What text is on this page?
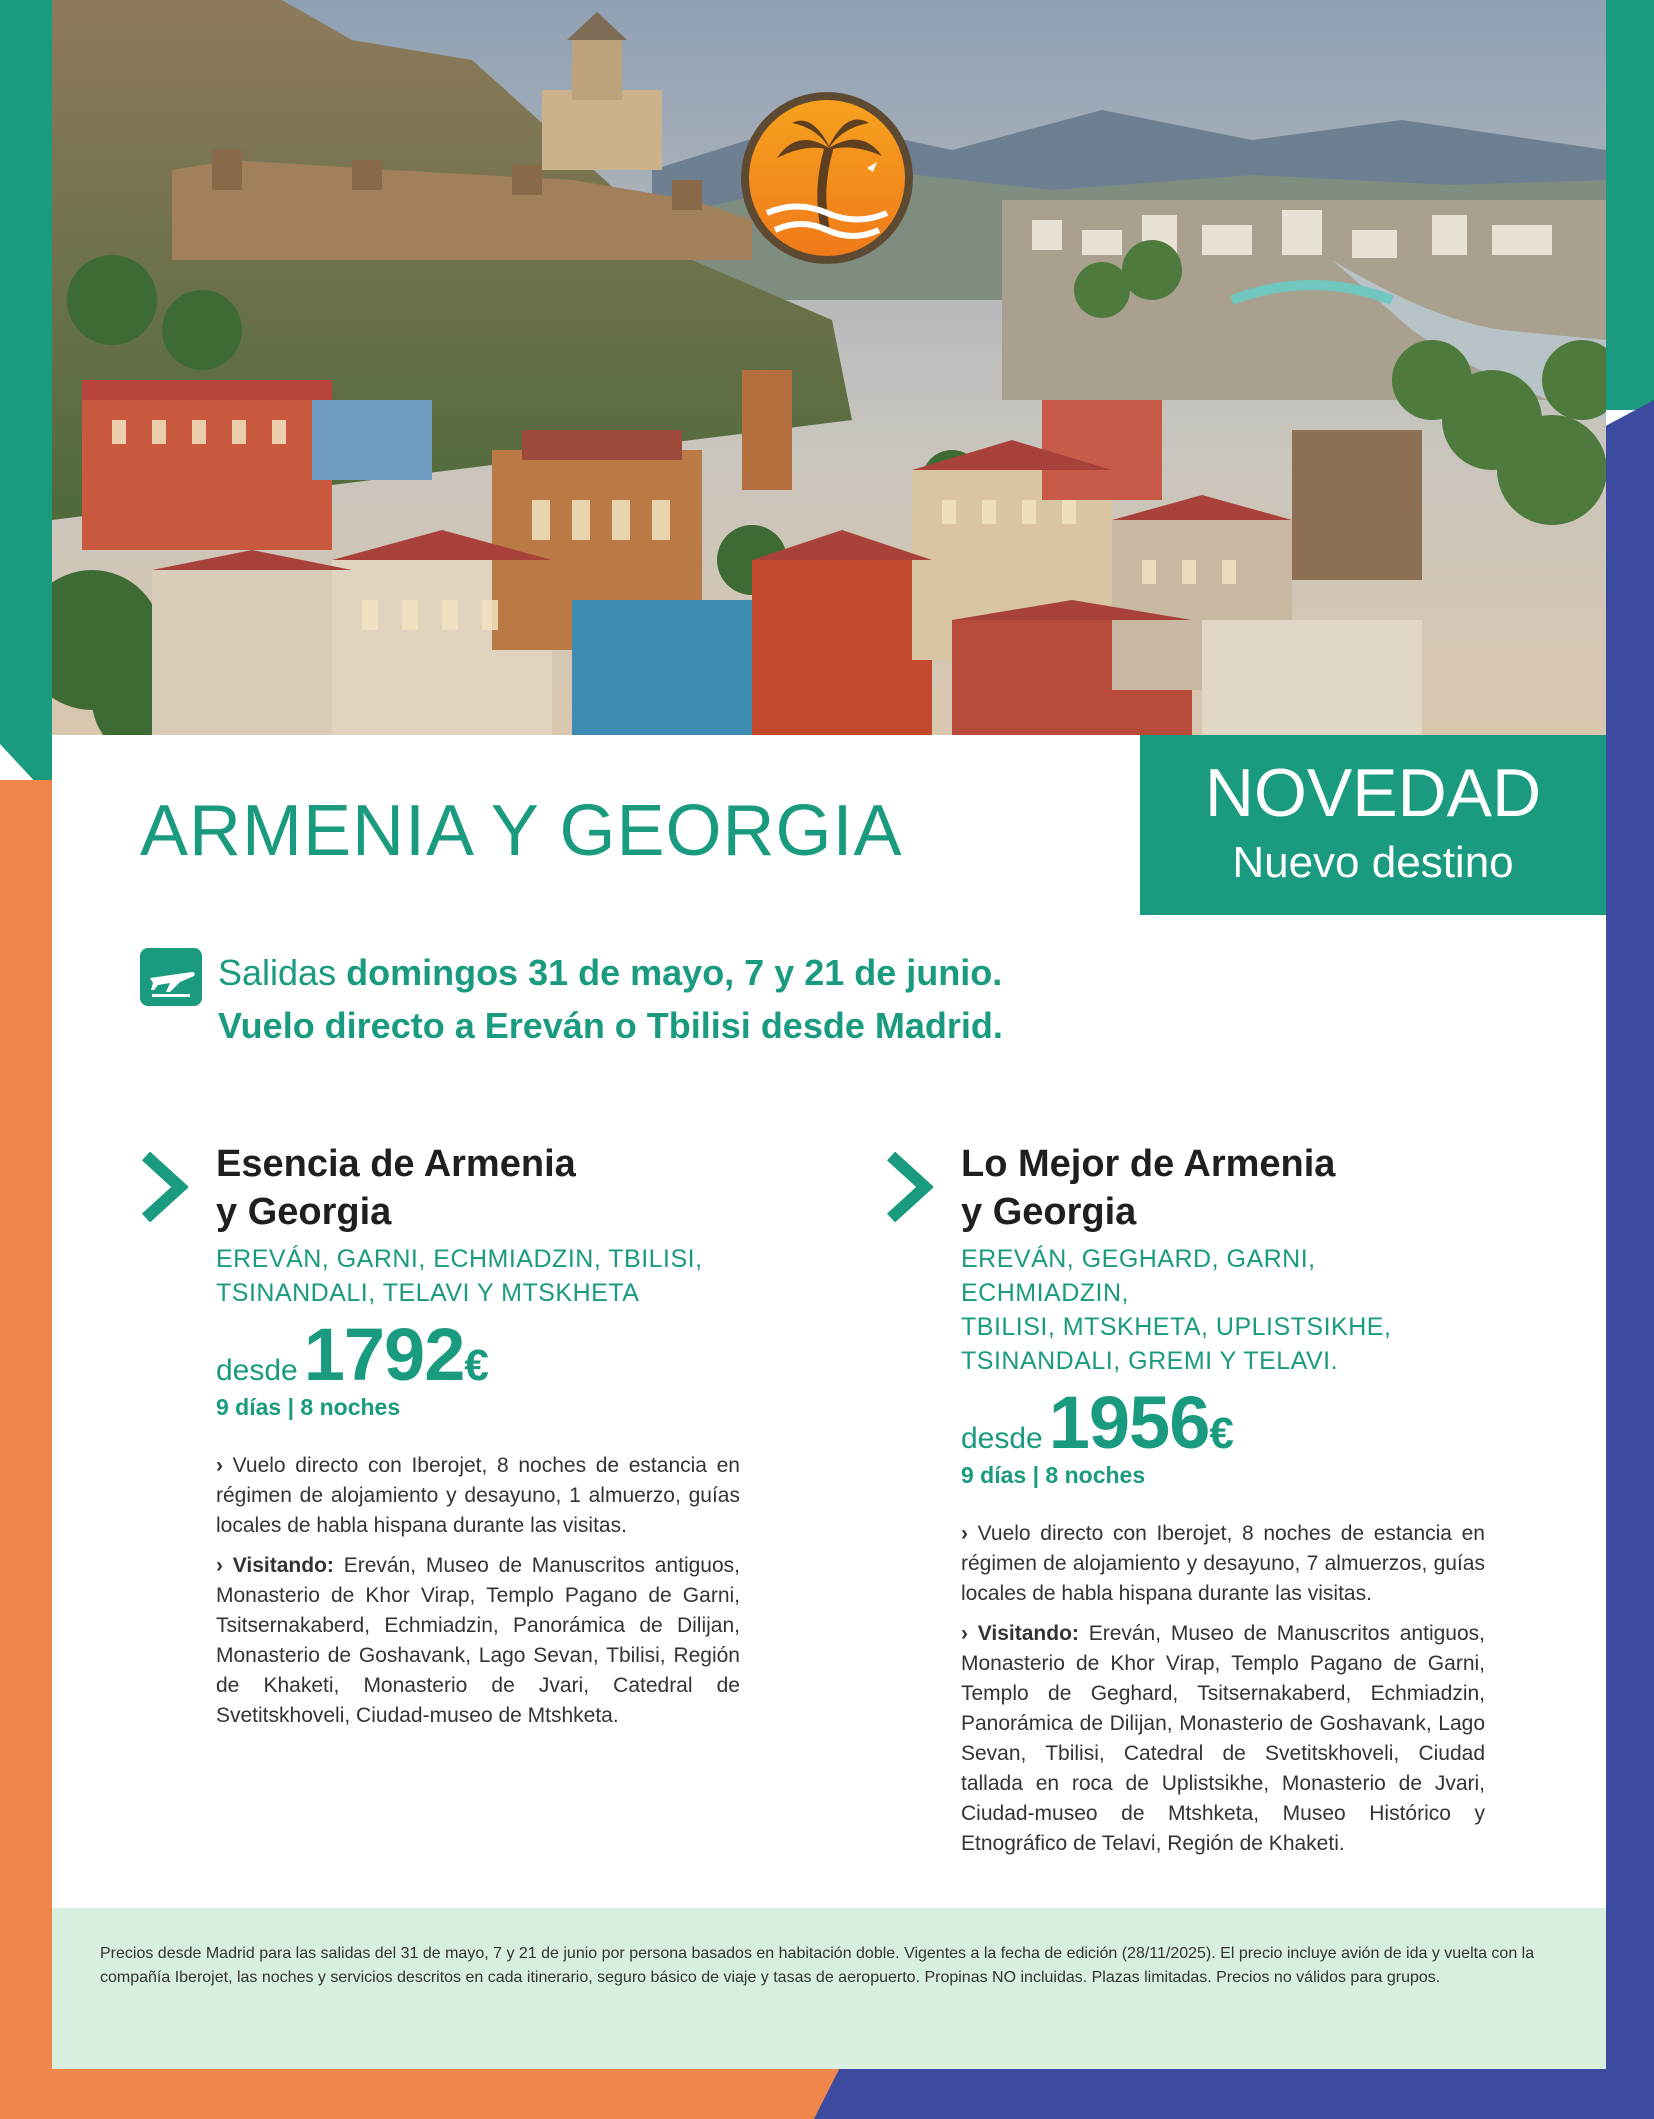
ARMENIA Y GEORGIA	NOVEDAD
Nuevo destino
Salidas domingos 31 de mayo, 7 y 21 de junio.
Vuelo directo a Ereván o Tbilisi desde Madrid.
Esencia de Armenia
y Georgia
EREVÁN, GARNI, ECHMIADZIN, TBILISI,
TSINANDALI, TELAVI Y MTSKHETA
desde1792€
9 días | 8 noches

› Vuelo directo con Iberojet, 8 noches de estancia en régimen de alojamiento y desayuno, 1 almuerzo, guías locales de habla hispana durante las visitas.

› Visitando: Ereván, Museo de Manuscritos antiguos, Monasterio de Khor Virap, Templo Pagano de Garni, Tsitsernakaberd, Echmiadzin, Panorámica de Dilijan, Monasterio de Goshavank, Lago Sevan, Tbilisi, Región de Khaketi, Monasterio de Jvari, Catedral de Svetitskhoveli, Ciudad-museo de Mtshketa.

Lo Mejor de Armenia
y Georgia
EREVÁN, GEGHARD, GARNI, ECHMIADZIN,
TBILISI, MTSKHETA, UPLISTSIKHE,
TSINANDALI, GREMI Y TELAVI.
desde1956€
9 días | 8 noches

› Vuelo directo con Iberojet, 8 noches de estancia en régimen de alojamiento y desayuno, 7 almuerzos, guías locales de habla hispana durante las visitas.

› Visitando: Ereván, Museo de Manuscritos antiguos, Monasterio de Khor Virap, Templo Pagano de Garni, Templo de Geghard, Tsitsernakaberd, Echmiadzin, Panorámica de Dilijan, Monasterio de Goshavank, Lago Sevan, Tbilisi, Catedral de Svetitskhoveli, Ciudad tallada en roca de Uplistsikhe, Monasterio de Jvari, Ciudad-museo de Mtshketa, Museo Histórico y Etnográfico de Telavi, Región de Khaketi.

Precios desde Madrid para las salidas del 31 de mayo, 7 y 21 de junio por persona basados en habitación doble. Vigentes a la fecha de edición (28/11/2025). El precio incluye avión de ida y vuelta con la compañía Iberojet, las noches y servicios descritos en cada itinerario, seguro básico de viaje y tasas de aeropuerto. Propinas NO incluidas. Plazas limitadas. Precios no válidos para grupos.
